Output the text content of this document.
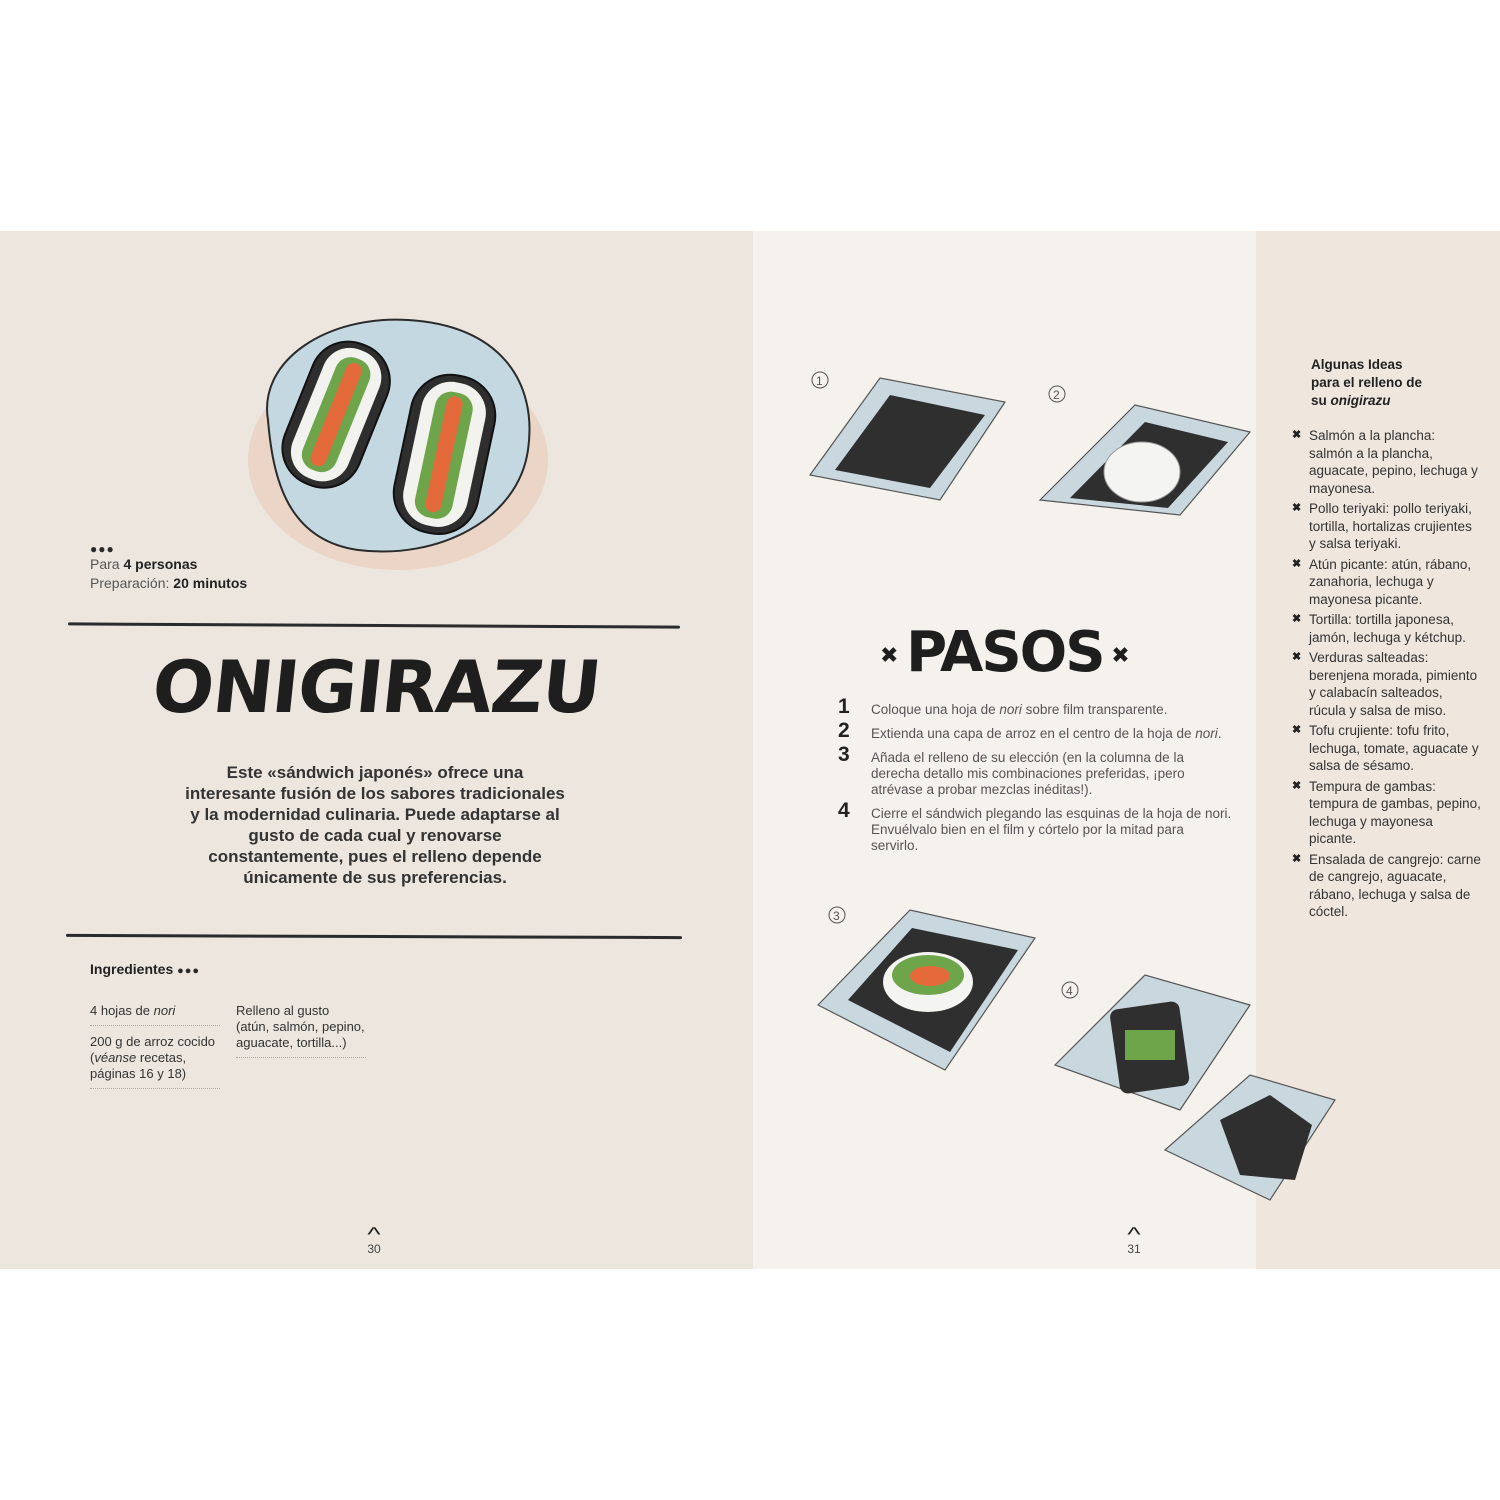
●●●
Para 4 personas
Preparación: 20 minutos
ONIGIRAZU
Este «sándwich japonés» ofrece una interesante fusión de los sabores tradicionales y la modernidad culinaria. Puede adaptarse al gusto de cada cual y renovarse constantemente, pues el relleno depende únicamente de sus preferencias.
Ingredientes ●●●
4 hojas de nori
200 g de arroz cocido (véanse recetas, páginas 16 y 18)
Relleno al gusto (atún, salmón, pepino, aguacate, tortilla...)
^
30
1
2
3
4
✖ PASOS ✖
1 Coloque una hoja de nori sobre film transparente.
2 Extienda una capa de arroz en el centro de la hoja de nori.
3 Añada el relleno de su elección (en la columna de la derecha detallo mis combinaciones preferidas, ¡pero atrévase a probar mezclas inéditas!).
4 Cierre el sándwich plegando las esquinas de la hoja de nori. Envuélvalo bien en el film y córtelo por la mitad para servirlo.
^
31
Algunas Ideas
para el relleno de
su onigirazu
✖ Salmón a la plancha: salmón a la plancha, aguacate, pepino, lechuga y mayonesa.
✖ Pollo teriyaki: pollo teriyaki, tortilla, hortalizas crujientes y salsa teriyaki.
✖ Atún picante: atún, rábano, zanahoria, lechuga y mayonesa picante.
✖ Tortilla: tortilla japonesa, jamón, lechuga y kétchup.
✖ Verduras salteadas: berenjena morada, pimiento y calabacín salteados, rúcula y salsa de miso.
✖ Tofu crujiente: tofu frito, lechuga, tomate, aguacate y salsa de sésamo.
✖ Tempura de gambas: tempura de gambas, pepino, lechuga y mayonesa picante.
✖ Ensalada de cangrejo: carne de cangrejo, aguacate, rábano, lechuga y salsa de cóctel.
